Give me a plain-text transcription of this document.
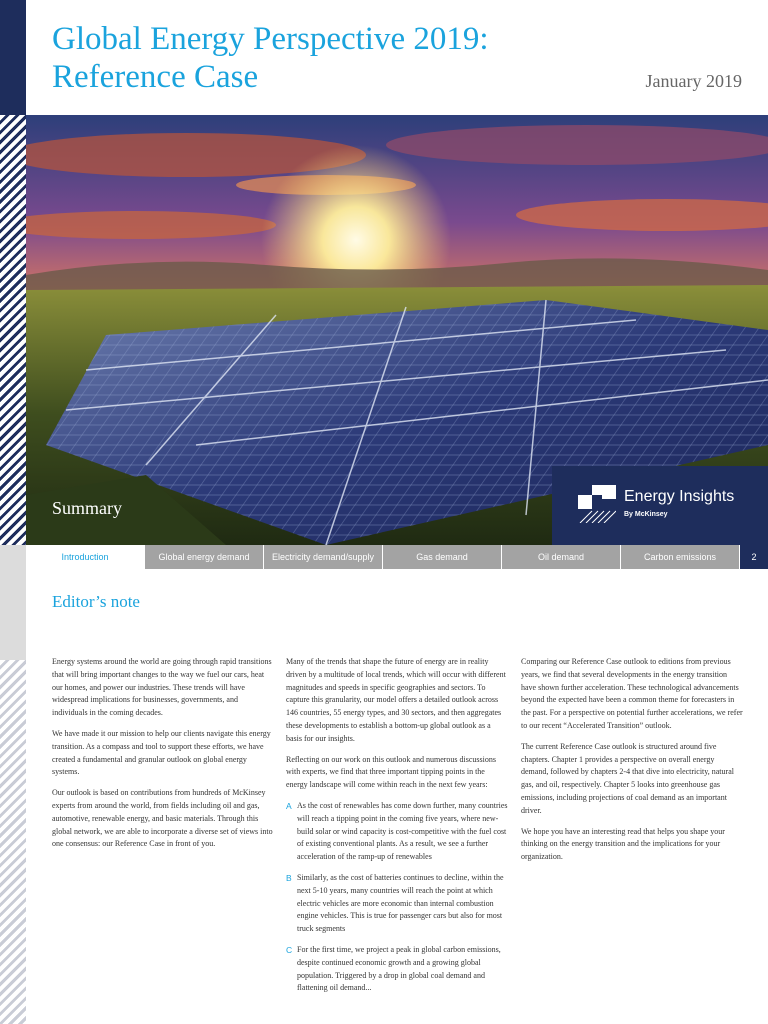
Global Energy Perspective 2019:
Reference Case	January 2019
Summary
Energy Insights
By McKinsey
Introduction	Global energy demand	Electricity demand/supply	Gas demand	Oil demand	Carbon emissions	2
Editor’s note

Energy systems around the world are going through rapid transitions that will bring important changes to the way we fuel our cars, heat our homes, and power our industries. These trends will have widespread implications for businesses, governments, and individuals in the coming decades.

We have made it our mission to help our clients navigate this energy transition. As a compass and tool to support these efforts, we have created a fundamental and granular outlook on global energy systems.

Our outlook is based on contributions from hundreds of McKinsey experts from around the world, from fields including oil and gas, automotive, renewable energy, and basic materials. Through this global network, we are able to incorporate a diverse set of views into one consensus: our Reference Case in front of you.

Many of the trends that shape the future of energy are in reality driven by a multitude of local trends, which will occur with different magnitudes and speeds in specific geographies and sectors. To capture this granularity, our model offers a detailed outlook across 146 countries, 55 energy types, and 30 sectors, and then aggregates these developments to establish a bottom-up global outlook as a basis for our insights.

Reflecting on our work on this outlook and numerous discussions with experts, we find that three important tipping points in the energy landscape will come within reach in the next few years:

A As the cost of renewables has come down further, many countries will reach a tipping point in the coming five years, where new-build solar or wind capacity is cost-competitive with the fuel cost of existing conventional plants. As a result, we see a further acceleration of the ramp-up of renewables
B Similarly, as the cost of batteries continues to decline, within the next 5-10 years, many countries will reach the point at which electric vehicles are more economic than internal combustion engine vehicles. This is true for passenger cars but also for most truck segments
C For the first time, we project a peak in global carbon emissions, despite continued economic growth and a growing global population. Triggered by a drop in global coal demand and flattening oil demand...

Comparing our Reference Case outlook to editions from previous years, we find that several developments in the energy transition have shown further acceleration. These technological advancements beyond the expected have been a common theme for forecasters in the past. For a perspective on potential further accelerations, we refer to our recent “Accelerated Transition” outlook.

The current Reference Case outlook is structured around five chapters. Chapter 1 provides a perspective on overall energy demand, followed by chapters 2-4 that dive into electricity, natural gas, and oil, respectively. Chapter 5 looks into greenhouse gas emissions, including projections of coal demand as an important driver.

We hope you have an interesting read that helps you shape your thinking on the energy transition and the implications for your organization.
